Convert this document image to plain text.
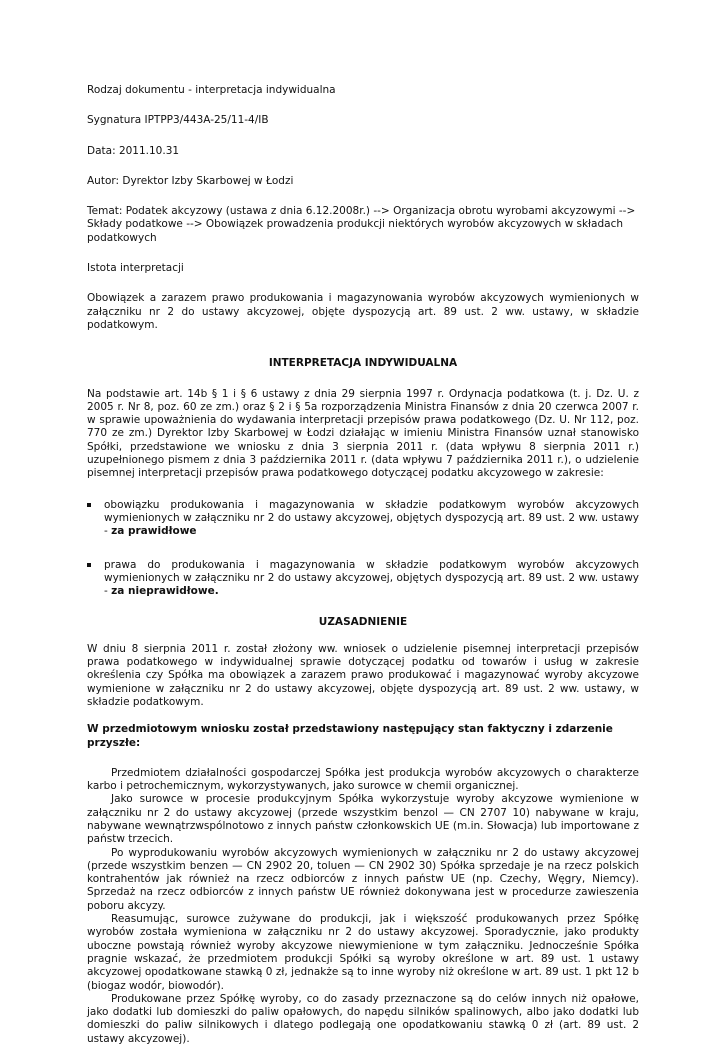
Rodzaj dokumentu - interpretacja indywidualna

Sygnatura IPTPP3/443A-25/11-4/IB

Data: 2011.10.31

Autor: Dyrektor Izby Skarbowej w Łodzi

Temat: Podatek akcyzowy (ustawa z dnia 6.12.2008r.) --> Organizacja obrotu wyrobami akcyzowymi --> Składy podatkowe --> Obowiązek prowadzenia produkcji niektórych wyrobów akcyzowych w składach podatkowych

Istota interpretacji

Obowiązek a zarazem prawo produkowania i magazynowania wyrobów akcyzowych wymienionych w załączniku nr 2 do ustawy akcyzowej, objęte dyspozycją art. 89 ust. 2 ww. ustawy, w składzie podatkowym.

INTERPRETACJA INDYWIDUALNA

Na podstawie art. 14b § 1 i § 6 ustawy z dnia 29 sierpnia 1997 r. Ordynacja podatkowa (t. j. Dz. U. z 2005 r. Nr 8, poz. 60 ze zm.) oraz § 2 i § 5a rozporządzenia Ministra Finansów z dnia 20 czerwca 2007 r. w sprawie upoważnienia do wydawania interpretacji przepisów prawa podatkowego (Dz. U. Nr 112, poz. 770 ze zm.) Dyrektor Izby Skarbowej w Łodzi działając w imieniu Ministra Finansów uznał stanowisko Spółki, przedstawione we wniosku z dnia 3 sierpnia 2011 r. (data wpływu 8 sierpnia 2011 r.) uzupełnionego pismem z dnia 3 października 2011 r. (data wpływu 7 października 2011 r.), o udzielenie pisemnej interpretacji przepisów prawa podatkowego dotyczącej podatku akcyzowego w zakresie:

obowiązku produkowania i magazynowania w składzie podatkowym wyrobów akcyzowych wymienionych w załączniku nr 2 do ustawy akcyzowej, objętych dyspozycją art. 89 ust. 2 ww. ustawy - za prawidłowe
prawa do produkowania i magazynowania w składzie podatkowym wyrobów akcyzowych wymienionych w załączniku nr 2 do ustawy akcyzowej, objętych dyspozycją art. 89 ust. 2 ww. ustawy - za nieprawidłowe.

UZASADNIENIE

W dniu 8 sierpnia 2011 r. został złożony ww. wniosek o udzielenie pisemnej interpretacji przepisów prawa podatkowego w indywidualnej sprawie dotyczącej podatku od towarów i usług w zakresie określenia czy Spółka ma obowiązek a zarazem prawo produkować i magazynować wyroby akcyzowe wymienione w załączniku nr 2 do ustawy akcyzowej, objęte dyspozycją art. 89 ust. 2 ww. ustawy, w składzie podatkowym.

W przedmiotowym wniosku został przedstawiony następujący stan faktyczny i zdarzenie przyszłe:

Przedmiotem działalności gospodarczej Spółka jest produkcja wyrobów akcyzowych o charakterze karbo i petrochemicznym, wykorzystywanych, jako surowce w chemii organicznej.

Jako surowce w procesie produkcyjnym Spółka wykorzystuje wyroby akcyzowe wymienione w załączniku nr 2 do ustawy akcyzowej (przede wszystkim benzol — CN 2707 10) nabywane w kraju, nabywane wewnątrzwspólnotowo z innych państw członkowskich UE (m.in. Słowacja) lub importowane z państw trzecich.

Po wyprodukowaniu wyrobów akcyzowych wymienionych w załączniku nr 2 do ustawy akcyzowej (przede wszystkim benzen — CN 2902 20, toluen — CN 2902 30) Spółka sprzedaje je na rzecz polskich kontrahentów jak również na rzecz odbiorców z innych państw UE (np. Czechy, Węgry, Niemcy). Sprzedaż na rzecz odbiorców z innych państw UE również dokonywana jest w procedurze zawieszenia poboru akcyzy.

Reasumując, surowce zużywane do produkcji, jak i większość produkowanych przez Spółkę wyrobów została wymieniona w załączniku nr 2 do ustawy akcyzowej. Sporadycznie, jako produkty uboczne powstają również wyroby akcyzowe niewymienione w tym załączniku. Jednocześnie Spółka pragnie wskazać, że przedmiotem produkcji Spółki są wyroby określone w art. 89 ust. 1 ustawy akcyzowej opodatkowane stawką 0 zł, jednakże są to inne wyroby niż określone w art. 89 ust. 1 pkt 12 b (biogaz wodór, biowodór).

Produkowane przez Spółkę wyroby, co do zasady przeznaczone są do celów innych niż opałowe, jako dodatki lub domieszki do paliw opałowych, do napędu silników spalinowych, albo jako dodatki lub domieszki do paliw silnikowych i dlatego podlegają one opodatkowaniu stawką 0 zł (art. 89 ust. 2 ustawy akcyzowej).
